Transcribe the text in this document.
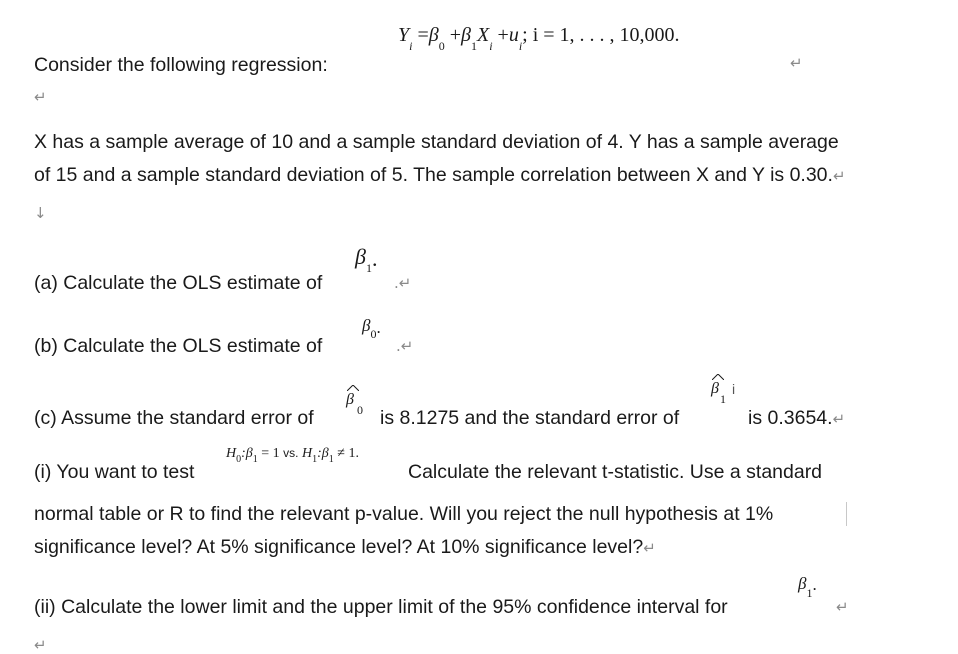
$Y_i =\beta_0 +\beta_1X_i +u_i$; i = 1, . . . , 10,000.
Consider the following regression:	↵
↵
X has a sample average of 10 and a sample standard deviation of 4. Y has a sample average
of 15 and a sample standard deviation of 5. The sample correlation between X and Y is 0.30.↵
↓
(a) Calculate the OLS estimate of
$\beta_1$.
.↵
(b) Calculate the OLS estimate of
$\beta_0$.
.↵
(c) Assume the standard error of
$\beta_0$ is 8.1275 and the standard error of
$\beta_1$
i
is 0.3654.↵
(i) You want to test
$H_0:\beta_1 = 1$ vs. $H_1:\beta_1 \ne 1$.
Calculate the relevant t-statistic. Use a standard
normal table or R to find the relevant p-value. Will you reject the null hypothesis at 1%
significance level? At 5% significance level? At 10% significance level?↵
(ii) Calculate the lower limit and the upper limit of the 95% confidence interval for
$\beta_1$.
↵
↵
